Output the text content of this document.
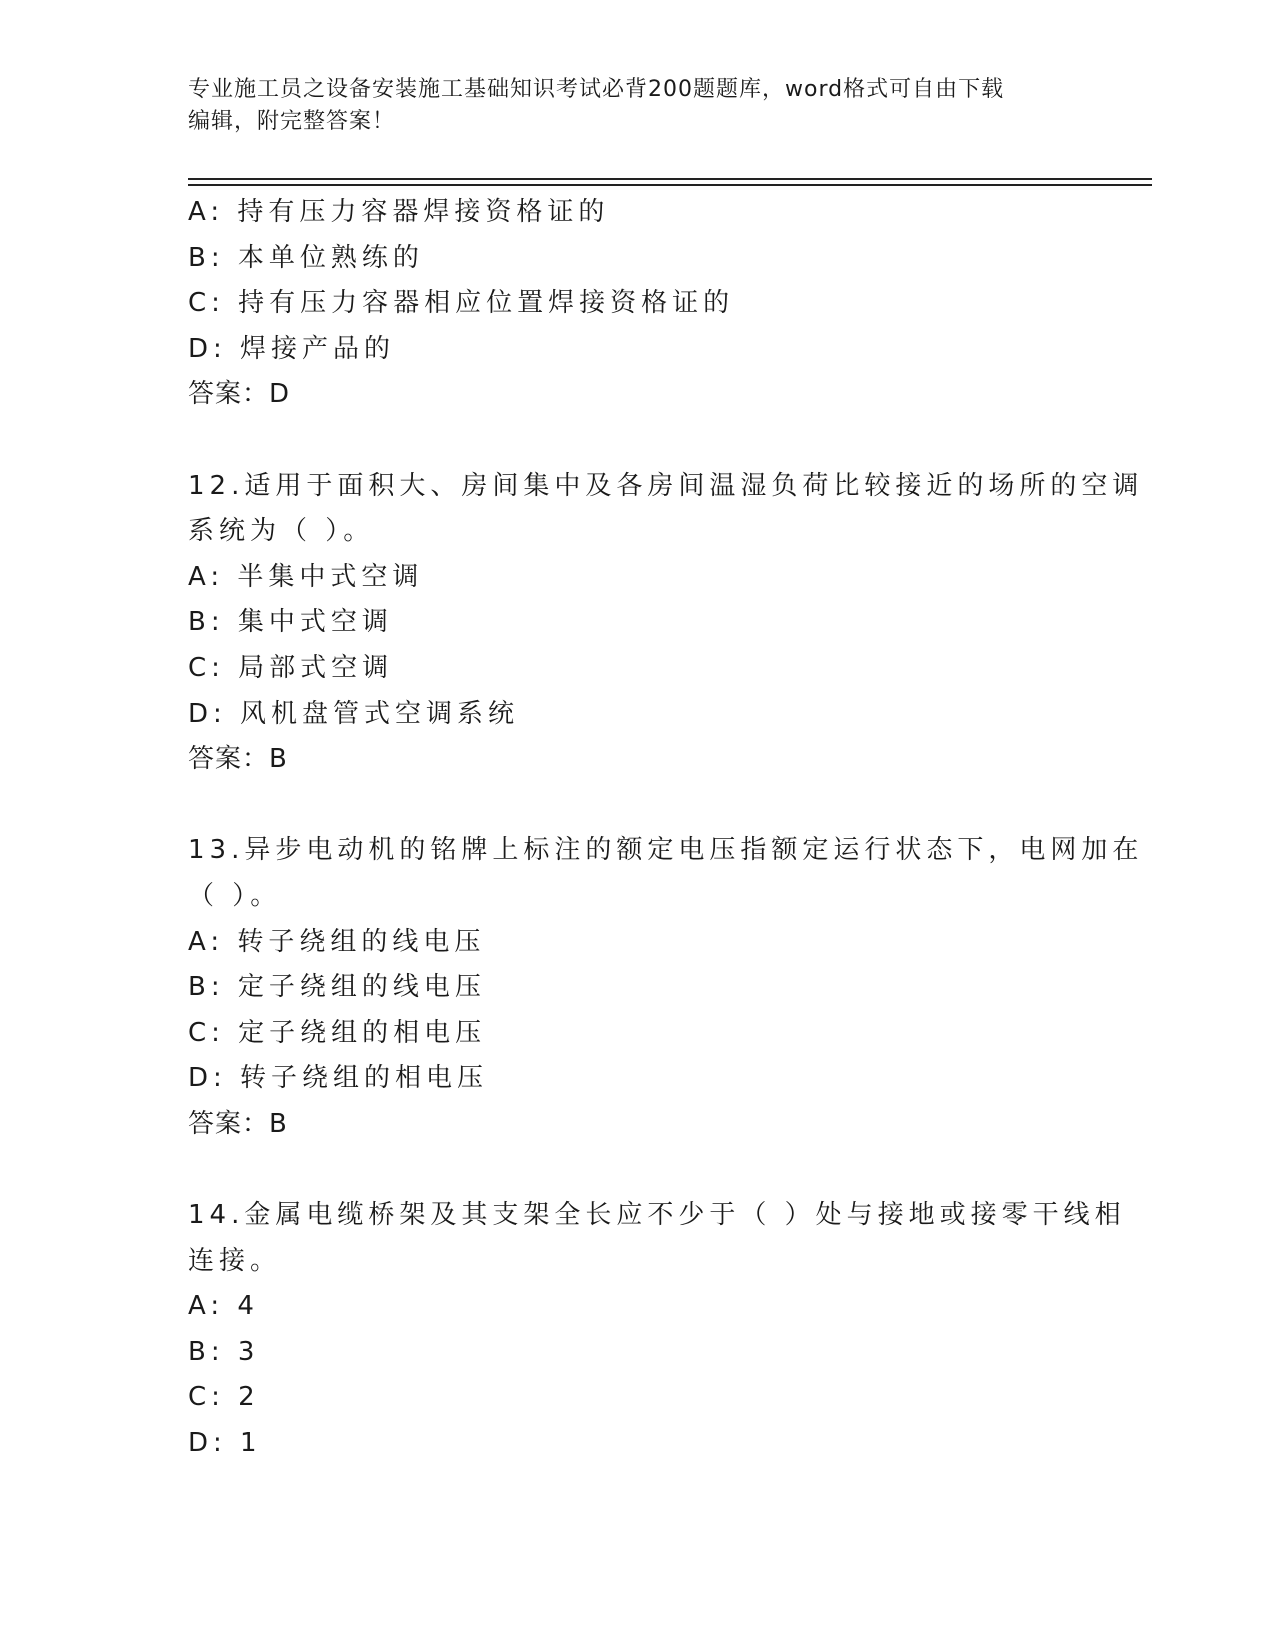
专业施工员之设备安装施工基础知识考试必背200题题库，word格式可自由下载
编辑，附完整答案！
A: 持有压力容器焊接资格证的
B: 本单位熟练的
C: 持有压力容器相应位置焊接资格证的
D: 焊接产品的
答案：D
12.适用于面积大、房间集中及各房间温湿负荷比较接近的场所的空调
系统为（ ）。
A: 半集中式空调
B: 集中式空调
C: 局部式空调
D: 风机盘管式空调系统
答案：B
13.异步电动机的铭牌上标注的额定电压指额定运行状态下，电网加在
（ ）。
A: 转子绕组的线电压
B: 定子绕组的线电压
C: 定子绕组的相电压
D: 转子绕组的相电压
答案：B
14.金属电缆桥架及其支架全长应不少于（ ）处与接地或接零干线相
连接。
A: 4
B: 3
C: 2
D: 1
